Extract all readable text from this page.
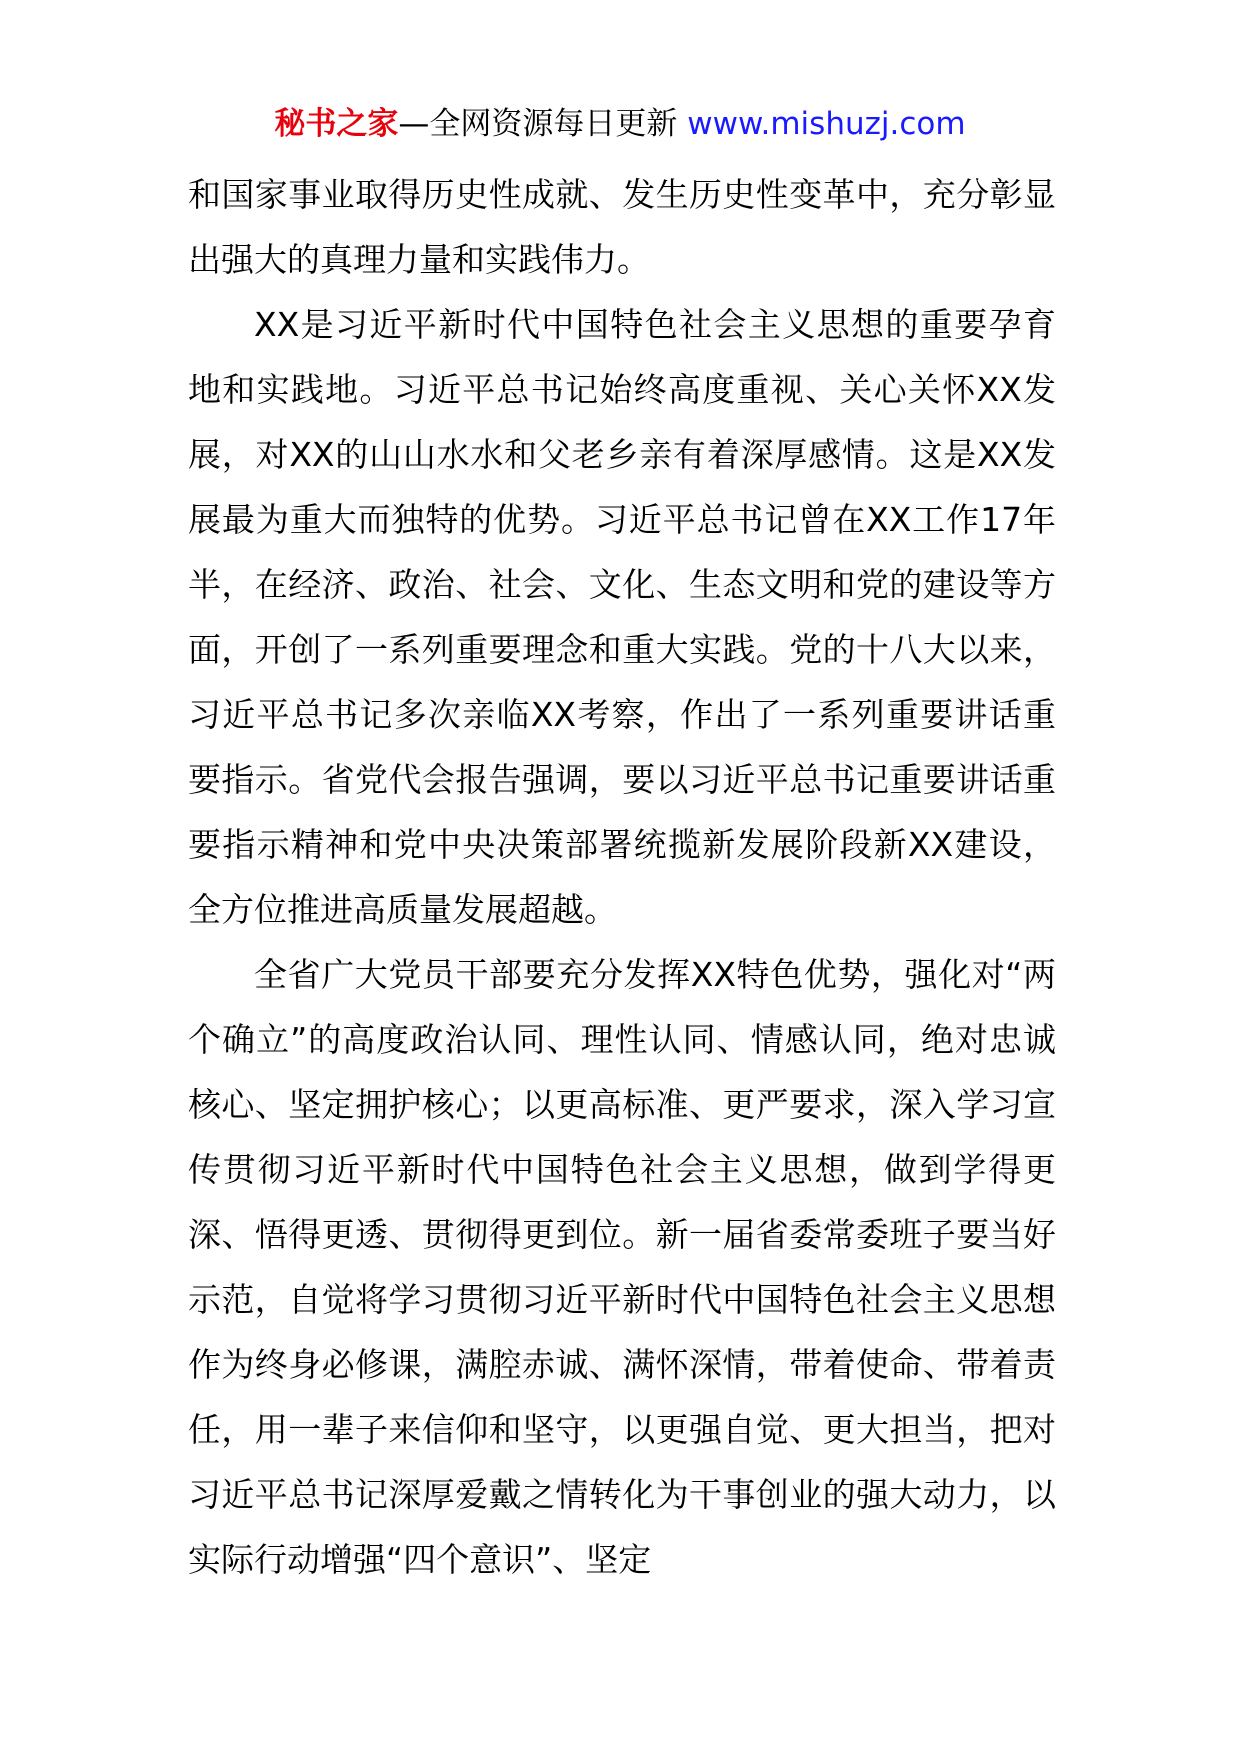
秘书之家—全网资源每日更新 www.mishuzj.com

和国家事业取得历史性成就、发生历史性变革中，充分彰显出强大的真理力量和实践伟力。

XX是习近平新时代中国特色社会主义思想的重要孕育地和实践地。习近平总书记始终高度重视、关心关怀XX发展，对XX的山山水水和父老乡亲有着深厚感情。这是XX发展最为重大而独特的优势。习近平总书记曾在XX工作17年半，在经济、政治、社会、文化、生态文明和党的建设等方面，开创了一系列重要理念和重大实践。党的十八大以来，习近平总书记多次亲临XX考察，作出了一系列重要讲话重要指示。省党代会报告强调，要以习近平总书记重要讲话重要指示精神和党中央决策部署统揽新发展阶段新XX建设，全方位推进高质量发展超越。

全省广大党员干部要充分发挥XX特色优势，强化对“两个确立”的高度政治认同、理性认同、情感认同，绝对忠诚核心、坚定拥护核心；以更高标准、更严要求，深入学习宣传贯彻习近平新时代中国特色社会主义思想，做到学得更深、悟得更透、贯彻得更到位。新一届省委常委班子要当好示范，自觉将学习贯彻习近平新时代中国特色社会主义思想作为终身必修课，满腔赤诚、满怀深情，带着使命、带着责任，用一辈子来信仰和坚守，以更强自觉、更大担当，把对习近平总书记深厚爱戴之情转化为干事创业的强大动力，以实际行动增强“四个意识”、坚定
